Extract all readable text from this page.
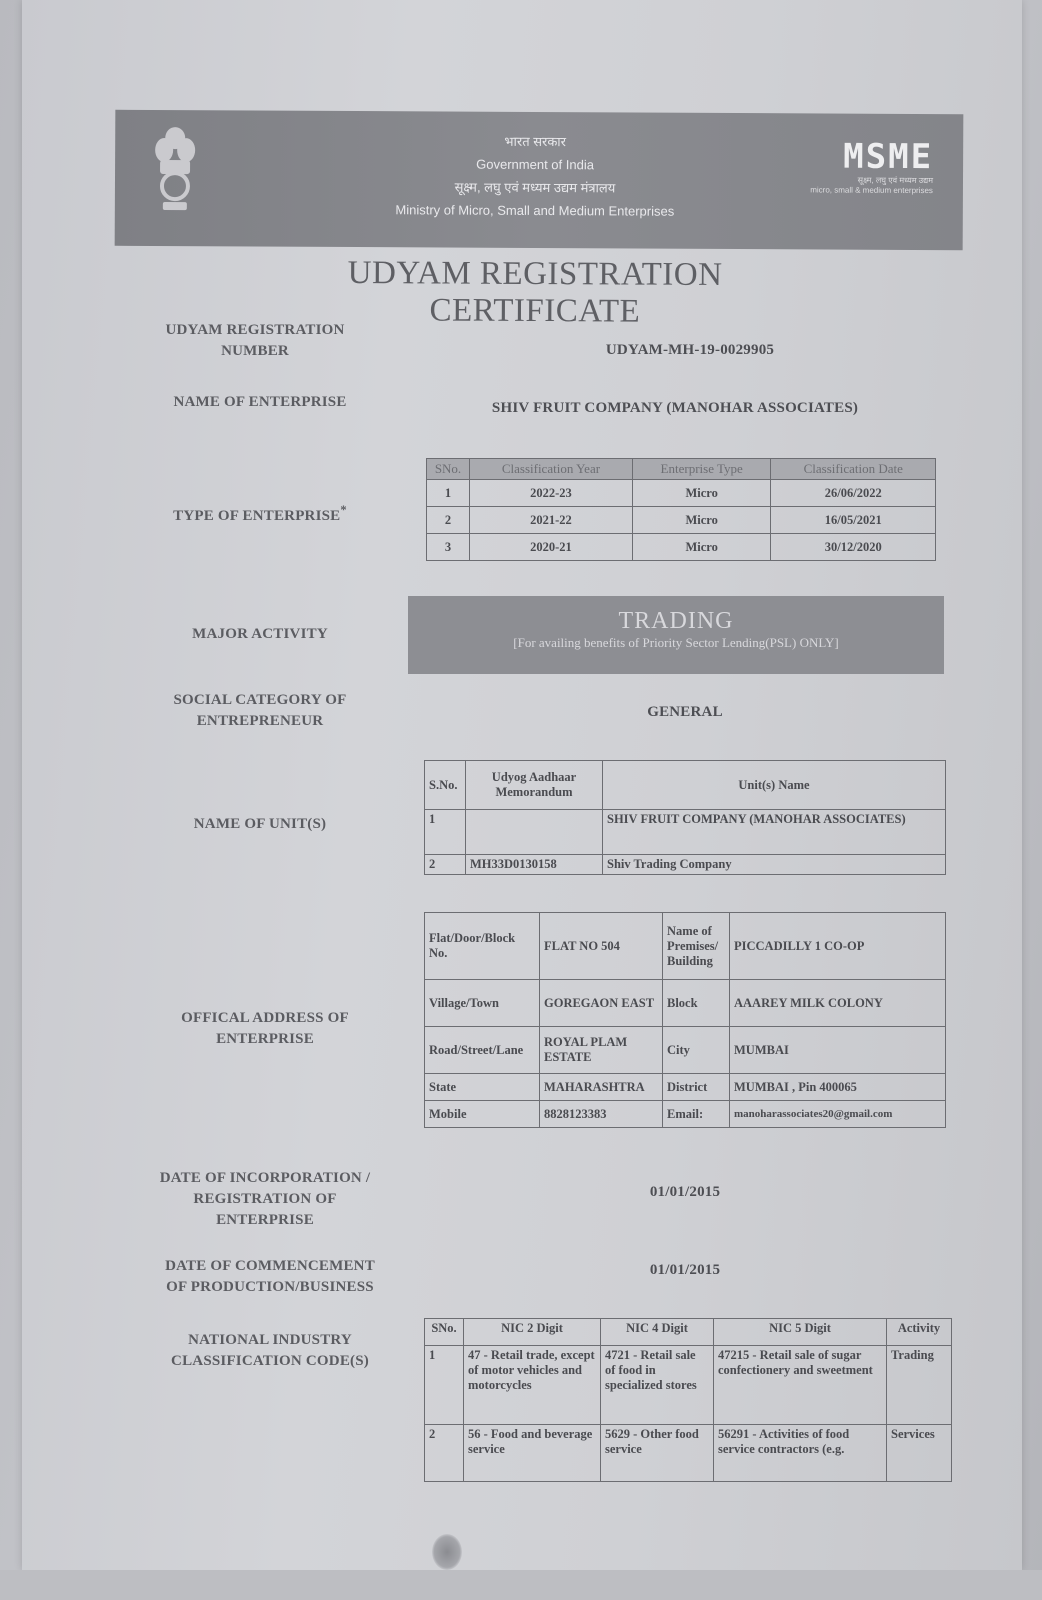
भारत सरकार
Government of India
सूक्ष्म, लघु एवं मध्यम उद्यम मंत्रालय
Ministry of Micro, Small and Medium Enterprises
MSME
सूक्ष्म, लघु एवं मध्यम उद्यम
micro, small & medium enterprises
UDYAM REGISTRATION CERTIFICATE
UDYAM REGISTRATION
NUMBER	UDYAM-MH-19-0029905
NAME OF ENTERPRISE	SHIV FRUIT COMPANY (MANOHAR ASSOCIATES)
TYPE OF ENTERPRISE*
SNo.	Classification Year	Enterprise Type	Classification Date
1	2022-23	Micro	26/06/2022
2	2021-22	Micro	16/05/2021
3	2020-21	Micro	30/12/2020
MAJOR ACTIVITY	TRADING
[For availing benefits of Priority Sector Lending(PSL) ONLY]
SOCIAL CATEGORY OF
ENTREPRENEUR
GENERAL
NAME OF UNIT(S)
S.No.	Udyog Aadhaar Memorandum	Unit(s) Name
1		SHIV FRUIT COMPANY (MANOHAR ASSOCIATES)
2	MH33D0130158	Shiv Trading Company
OFFICAL ADDRESS OF
ENTERPRISE
Flat/Door/Block No.	FLAT NO 504	Name of Premises/ Building	PICCADILLY 1 CO-OP
Village/Town	GOREGAON EAST	Block	AAAREY MILK COLONY
Road/Street/Lane	ROYAL PLAM ESTATE	City	MUMBAI
State	MAHARASHTRA	District	MUMBAI , Pin 400065
Mobile	8828123383	Email:	manoharassociates20@gmail.com
DATE OF INCORPORATION /
REGISTRATION OF
ENTERPRISE
01/01/2015
DATE OF COMMENCEMENT
OF PRODUCTION/BUSINESS
01/01/2015
NATIONAL INDUSTRY
CLASSIFICATION CODE(S)
SNo.	NIC 2 Digit	NIC 4 Digit	NIC 5 Digit	Activity
1	47 - Retail trade, except of motor vehicles and motorcycles	4721 - Retail sale of food in specialized stores	47215 - Retail sale of sugar confectionery and sweetment	Trading
2	56 - Food and beverage service	5629 - Other food service	56291 - Activities of food service contractors (e.g.	Services
